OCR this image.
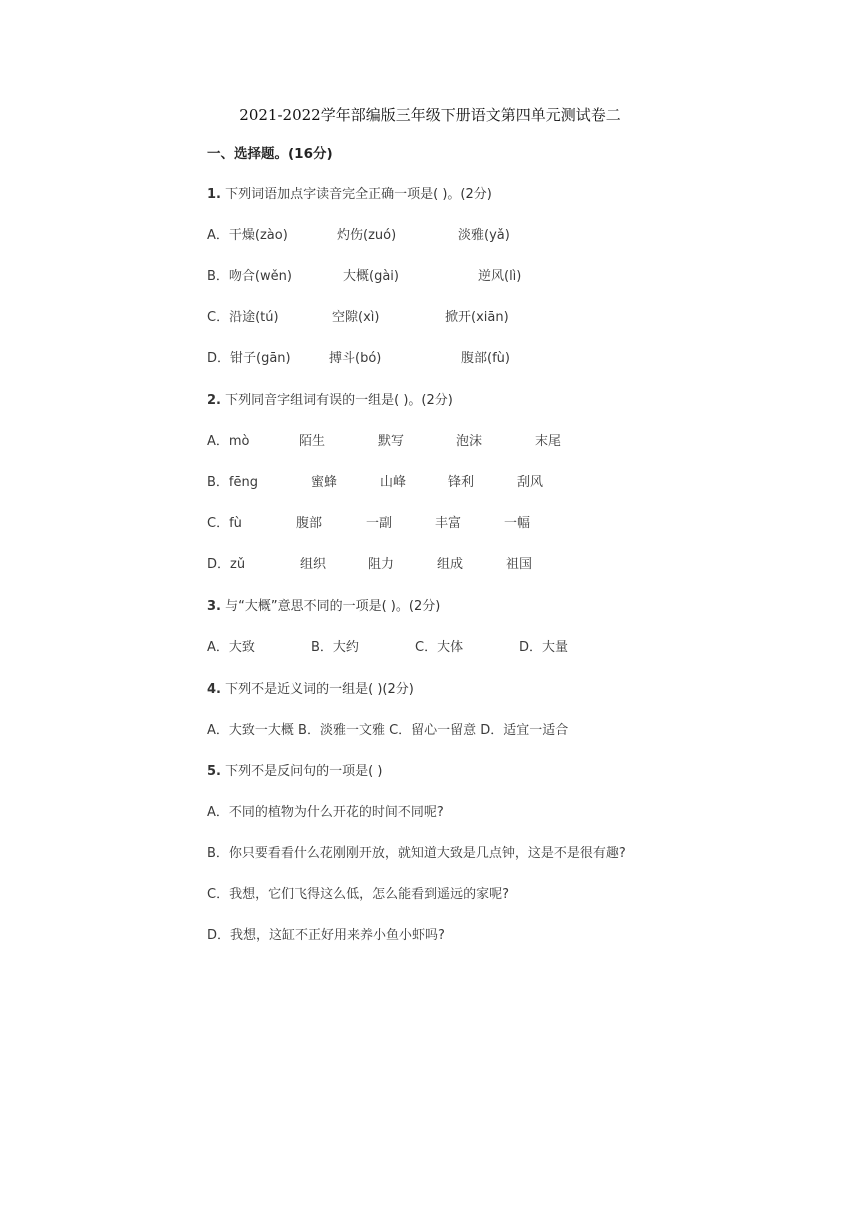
2021-2022学年部编版三年级下册语文第四单元测试卷二
一、选择题。(16分)
1. 下列词语加点字读音完全正确一项是( )。(2分)
A．干燥(zào)	灼伤(zuó)	淡雅(yǎ)
B．吻合(wěn)	大概(gài)	逆风(lì)
C．沿途(tú)	空隙(xì)	掀开(xiān)
D．钳子(gān)	搏斗(bó)	腹部(fù)
2. 下列同音字组词有误的一组是( )。(2分)
A．mò	陌生	默写	泡沫	末尾
B．fēng	蜜蜂	山峰	锋利	刮风
C．fù	腹部	一副	丰富	一幅
D．zǔ	组织	阻力	组成	祖国
3. 与“大概”意思不同的一项是( )。(2分)
A．大致	B．大约	C．大体	D．大量
4. 下列不是近义词的一组是( )(2分)
A．大致一大概 B．淡雅一文雅 C．留心一留意 D．适宜一适合
5. 下列不是反问句的一项是( )
A．不同的植物为什么开花的时间不同呢?
B．你只要看看什么花刚刚开放，就知道大致是几点钟，这是不是很有趣?
C．我想，它们飞得这么低，怎么能看到遥远的家呢?
D．我想，这缸不正好用来养小鱼小虾吗?
